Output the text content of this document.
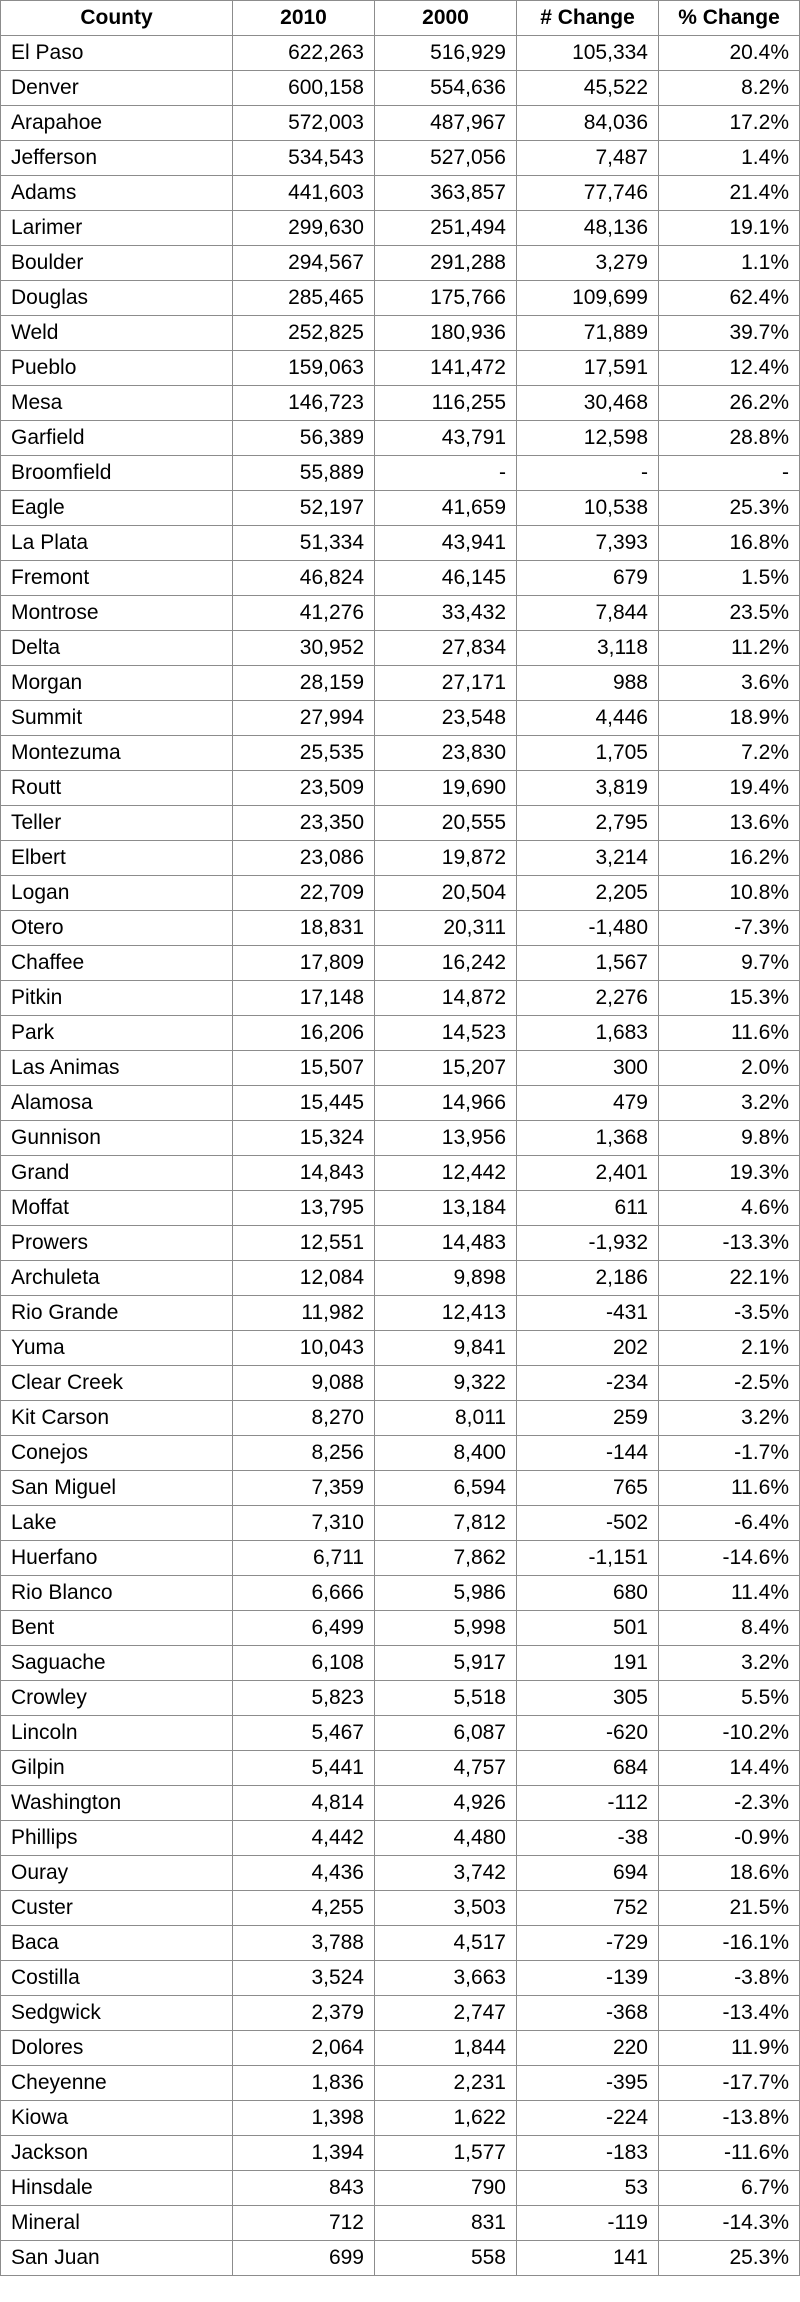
County	2010	2000	# Change	% Change
El Paso	622,263	516,929	105,334	20.4%
Denver	600,158	554,636	45,522	8.2%
Arapahoe	572,003	487,967	84,036	17.2%
Jefferson	534,543	527,056	7,487	1.4%
Adams	441,603	363,857	77,746	21.4%
Larimer	299,630	251,494	48,136	19.1%
Boulder	294,567	291,288	3,279	1.1%
Douglas	285,465	175,766	109,699	62.4%
Weld	252,825	180,936	71,889	39.7%
Pueblo	159,063	141,472	17,591	12.4%
Mesa	146,723	116,255	30,468	26.2%
Garfield	56,389	43,791	12,598	28.8%
Broomfield	55,889	-	-	-
Eagle	52,197	41,659	10,538	25.3%
La Plata	51,334	43,941	7,393	16.8%
Fremont	46,824	46,145	679	1.5%
Montrose	41,276	33,432	7,844	23.5%
Delta	30,952	27,834	3,118	11.2%
Morgan	28,159	27,171	988	3.6%
Summit	27,994	23,548	4,446	18.9%
Montezuma	25,535	23,830	1,705	7.2%
Routt	23,509	19,690	3,819	19.4%
Teller	23,350	20,555	2,795	13.6%
Elbert	23,086	19,872	3,214	16.2%
Logan	22,709	20,504	2,205	10.8%
Otero	18,831	20,311	-1,480	-7.3%
Chaffee	17,809	16,242	1,567	9.7%
Pitkin	17,148	14,872	2,276	15.3%
Park	16,206	14,523	1,683	11.6%
Las Animas	15,507	15,207	300	2.0%
Alamosa	15,445	14,966	479	3.2%
Gunnison	15,324	13,956	1,368	9.8%
Grand	14,843	12,442	2,401	19.3%
Moffat	13,795	13,184	611	4.6%
Prowers	12,551	14,483	-1,932	-13.3%
Archuleta	12,084	9,898	2,186	22.1%
Rio Grande	11,982	12,413	-431	-3.5%
Yuma	10,043	9,841	202	2.1%
Clear Creek	9,088	9,322	-234	-2.5%
Kit Carson	8,270	8,011	259	3.2%
Conejos	8,256	8,400	-144	-1.7%
San Miguel	7,359	6,594	765	11.6%
Lake	7,310	7,812	-502	-6.4%
Huerfano	6,711	7,862	-1,151	-14.6%
Rio Blanco	6,666	5,986	680	11.4%
Bent	6,499	5,998	501	8.4%
Saguache	6,108	5,917	191	3.2%
Crowley	5,823	5,518	305	5.5%
Lincoln	5,467	6,087	-620	-10.2%
Gilpin	5,441	4,757	684	14.4%
Washington	4,814	4,926	-112	-2.3%
Phillips	4,442	4,480	-38	-0.9%
Ouray	4,436	3,742	694	18.6%
Custer	4,255	3,503	752	21.5%
Baca	3,788	4,517	-729	-16.1%
Costilla	3,524	3,663	-139	-3.8%
Sedgwick	2,379	2,747	-368	-13.4%
Dolores	2,064	1,844	220	11.9%
Cheyenne	1,836	2,231	-395	-17.7%
Kiowa	1,398	1,622	-224	-13.8%
Jackson	1,394	1,577	-183	-11.6%
Hinsdale	843	790	53	6.7%
Mineral	712	831	-119	-14.3%
San Juan	699	558	141	25.3%
